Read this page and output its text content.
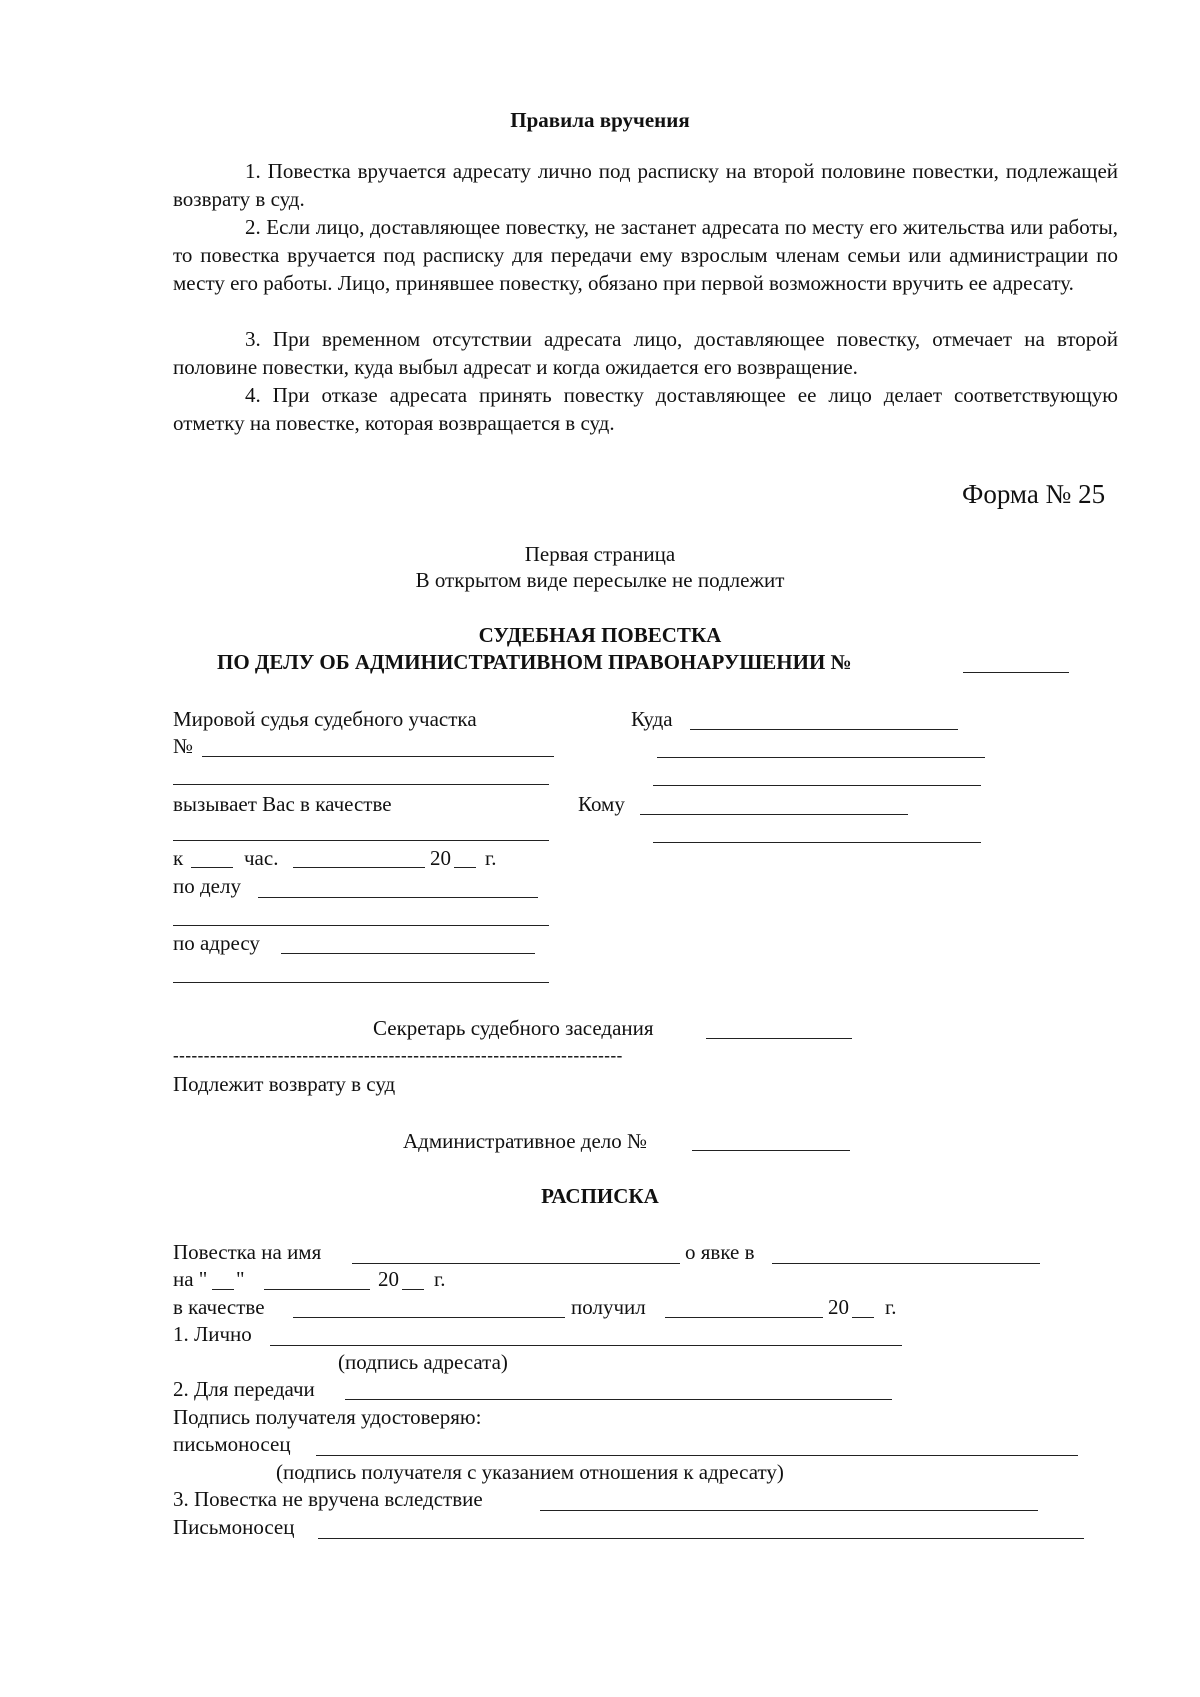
Правила вручения
1. Повестка вручается адресату лично под расписку на второй половине повестки, подлежащей возврату в суд.
2. Если лицо, доставляющее повестку, не застанет адресата по месту его жительства или работы, то повестка вручается под расписку для передачи ему взрослым членам семьи или администрации по месту его работы. Лицо, принявшее повестку, обязано при первой возможности вручить ее адресату.
3. При временном отсутствии адресата лицо, доставляющее повестку, отмечает на второй половине повестки, куда выбыл адресат и когда ожидается его возвращение.
4. При отказе адресата принять повестку доставляющее ее лицо делает соответствующую отметку на повестке, которая возвращается в суд.
Форма № 25
Первая страница
В открытом виде пересылке не подлежит
СУДЕБНАЯ ПОВЕСТКА
ПО ДЕЛУ ОБ АДМИНИСТРАТИВНОМ ПРАВОНАРУШЕНИИ №
Мировой судья судебного участка
№
вызывает Вас в качестве
к	час.	20 г.
по делу
по адресу
Куда
Кому
Секретарь судебного заседания
-------------------------------------------------------------------------
Подлежит возврату в суд
Административное дело №
РАСПИСКА
Повестка на имя	о явке в
на " "	20 г.
в качестве	получил	20 г.
1. Лично
(подпись адресата)
2. Для передачи
Подпись получателя удостоверяю:
письмоносец
(подпись получателя с указанием отношения к адресату)
3. Повестка не вручена вследствие
Письмоносец
